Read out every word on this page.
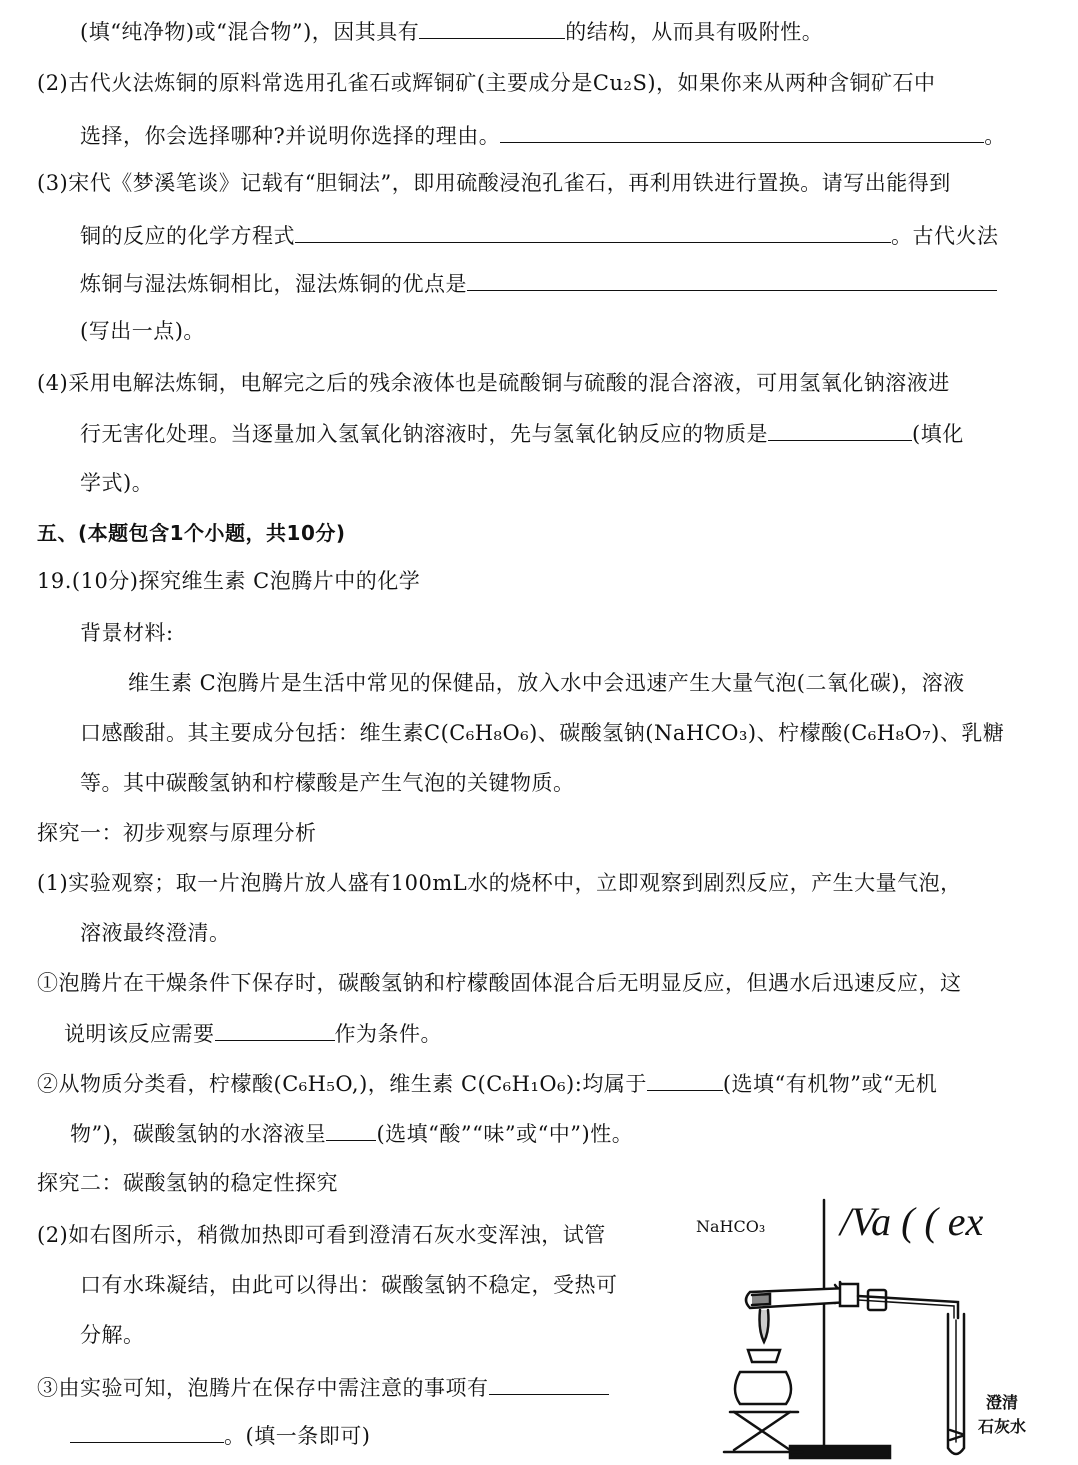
(填“纯净物)或“混合物”)，因其具有	的结构，从而具有吸附性。
(2)古代火法炼铜的原料常选用孔雀石或辉铜矿(主要成分是Cu₂S)，如果你来从两种含铜矿石中
选择，你会选择哪种?并说明你选择的理由。	。
(3)宋代《梦溪笔谈》记载有“胆铜法”，即用硫酸浸泡孔雀石，再利用铁进行置换。请写出能得到
铜的反应的化学方程式	。古代火法
炼铜与湿法炼铜相比，湿法炼铜的优点是
(写出一点)。
(4)采用电解法炼铜，电解完之后的残余液体也是硫酸铜与硫酸的混合溶液，可用氢氧化钠溶液进
行无害化处理。当逐量加入氢氧化钠溶液时，先与氢氧化钠反应的物质是	(填化
学式)。
五、(本题包含1个小题，共10分)
19.(10分)探究维生素 C泡腾片中的化学
背景材料:
维生素 C泡腾片是生活中常见的保健品，放入水中会迅速产生大量气泡(二氧化碳)，溶液
口感酸甜。其主要成分包括：维生素C(C₆H₈O₆)、碳酸氢钠(NaHCO₃)、柠檬酸(C₆H₈O₇)、乳糖
等。其中碳酸氢钠和柠檬酸是产生气泡的关键物质。
探究一：初步观察与原理分析
(1)实验观察；取一片泡腾片放人盛有100mL水的烧杯中，立即观察到剧烈反应，产生大量气泡，
溶液最终澄清。
①泡腾片在干燥条件下保存时，碳酸氢钠和柠檬酸固体混合后无明显反应，但遇水后迅速反应，这
说明该反应需要	作为条件。
②从物质分类看，柠檬酸(C₆H₅O,)，维生素 C(C₆H₁O₆):均属于	(选填“有机物”或“无机
物”)，碳酸氢钠的水溶液呈 (选填“酸”“味”或“中”)性。
探究二：碳酸氢钠的稳定性探究
(2)如右图所示，稍微加热即可看到澄清石灰水变浑浊，试管
口有水珠凝结，由此可以得出：碳酸氢钠不稳定，受热可
分解。
③由实验可知，泡腾片在保存中需注意的事项有
。(填一条即可)
/Va ( ( ex
NaHCO₃
澄清
石灰水
